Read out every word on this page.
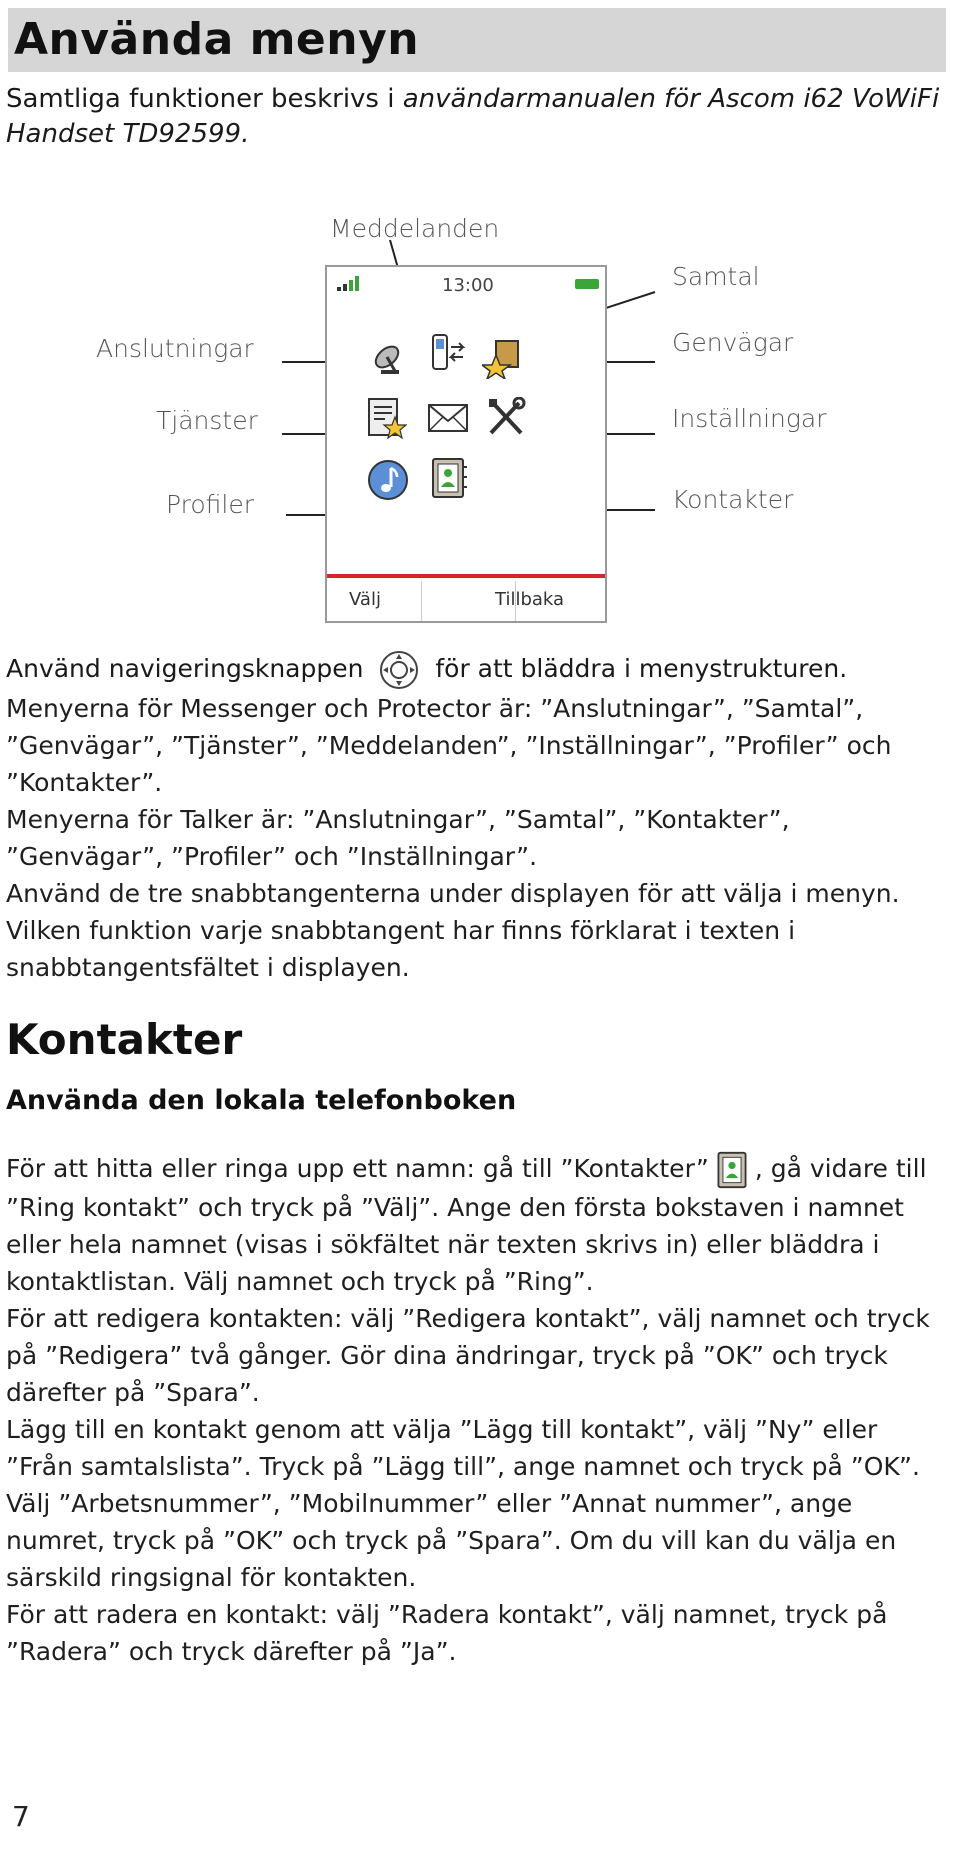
Använda menyn
Samtliga funktioner beskrivs i användarmanualen för Ascom i62 VoWiFi Handset TD92599.
Meddelanden
Samtal
Anslutningar	Genvägar
Tjänster	Inställningar
Profiler	Kontakter
13:00
Välj	Tillbaka
Använd navigeringsknappen	för att bläddra i menystrukturen.

Menyerna för Messenger och Protector är: ”Anslutningar”, ”Samtal”, ”Genvägar”, ”Tjänster”, ”Meddelanden”, ”Inställningar”, ”Profiler” och ”Kontakter”.

Menyerna för Talker är: ”Anslutningar”, ”Samtal”, ”Kontakter”, ”Genvägar”, ”Profiler” och ”Inställningar”.

Använd de tre snabbtangenterna under displayen för att välja i menyn. Vilken funktion varje snabbtangent har finns förklarat i texten i snabbtangentsfältet i displayen.

Kontakter
Använda den lokala telefonboken

För att hitta eller ringa upp ett namn: gå till ”Kontakter” , gå vidare till ”Ring kontakt” och tryck på ”Välj”. Ange den första bokstaven i namnet eller hela namnet (visas i sökfältet när texten skrivs in) eller bläddra i kontaktlistan. Välj namnet och tryck på ”Ring”.

För att redigera kontakten: välj ”Redigera kontakt”, välj namnet och tryck på ”Redigera” två gånger. Gör dina ändringar, tryck på ”OK” och tryck därefter på ”Spara”.

Lägg till en kontakt genom att välja ”Lägg till kontakt”, välj ”Ny” eller ”Från samtalslista”. Tryck på ”Lägg till”, ange namnet och tryck på ”OK”. Välj ”Arbetsnummer”, ”Mobilnummer” eller ”Annat nummer”, ange numret, tryck på ”OK” och tryck på ”Spara”. Om du vill kan du välja en särskild ringsignal för kontakten.

För att radera en kontakt: välj ”Radera kontakt”, välj namnet, tryck på ”Radera” och tryck därefter på ”Ja”.

7
